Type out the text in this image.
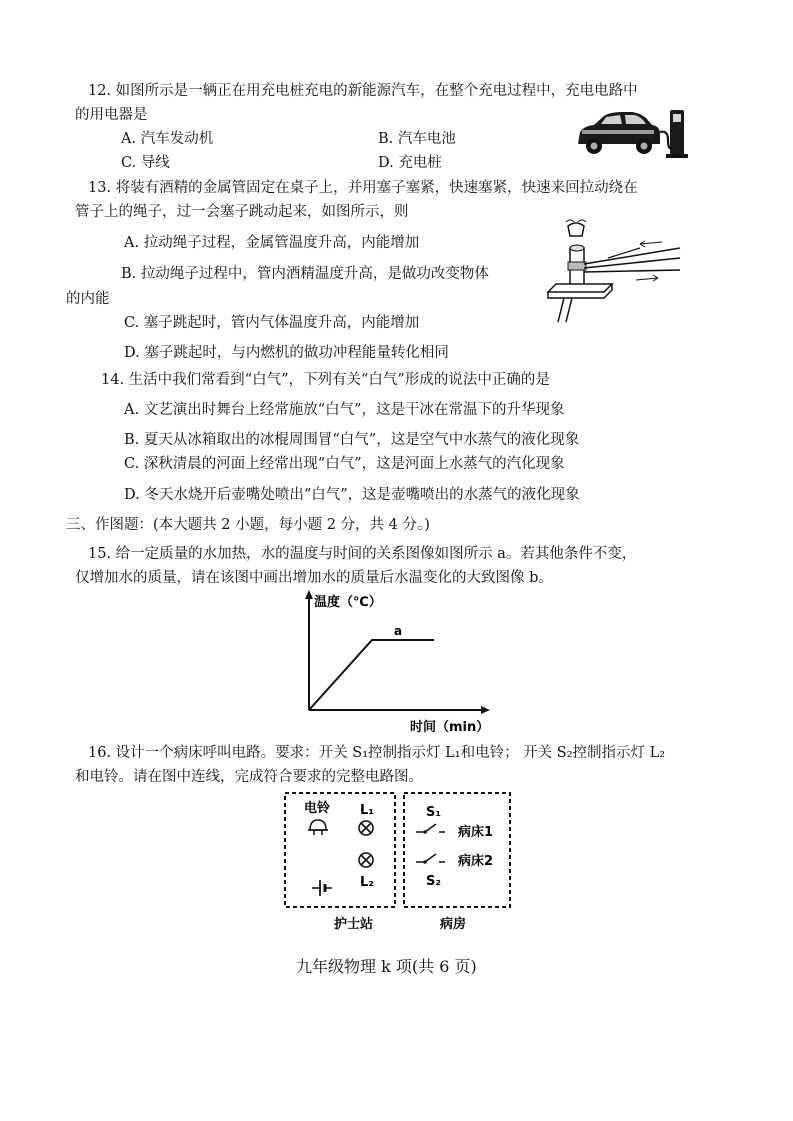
12. 如图所示是一辆正在用充电桩充电的新能源汽车，在整个充电过程中，充电电路中
的用电器是
A. 汽车发动机	B. 汽车电池
C. 导线	D. 充电桩
13. 将装有酒精的金属管固定在桌子上，并用塞子塞紧，快速塞紧，快速来回拉动绕在
管子上的绳子，过一会塞子跳动起来，如图所示，则
A. 拉动绳子过程，金属管温度升高，内能增加
B. 拉动绳子过程中，管内酒精温度升高，是做功改变物体
的内能
C. 塞子跳起时，管内气体温度升高，内能增加
D. 塞子跳起时，与内燃机的做功冲程能量转化相同
14. 生活中我们常看到“白气”，下列有关“白气”形成的说法中正确的是
A. 文艺演出时舞台上经常施放“白气”，这是干冰在常温下的升华现象
B. 夏天从冰箱取出的冰棍周围冒“白气”，这是空气中水蒸气的液化现象
C. 深秋清晨的河面上经常出现“白气”，这是河面上水蒸气的汽化现象
D. 冬天水烧开后壶嘴处喷出“白气”，这是壶嘴喷出的水蒸气的液化现象
三、作图题：(本大题共 2 小题，每小题 2 分，共 4 分。)
15. 给一定质量的水加热，水的温度与时间的关系图像如图所示 a。若其他条件不变，
仅增加水的质量，请在该图中画出增加水的质量后水温变化的大致图像 b。
温度（℃）
a
时间（min）
16. 设计一个病床呼叫电路。要求：开关 S₁控制指示灯 L₁和电铃； 开关 S₂控制指示灯 L₂
和电铃。请在图中连线，完成符合要求的完整电路图。
电铃 L₁
L₂
护士站
S₁
病床1
病床2
S₂
病房
九年级物理 k 项(共 6 页)
